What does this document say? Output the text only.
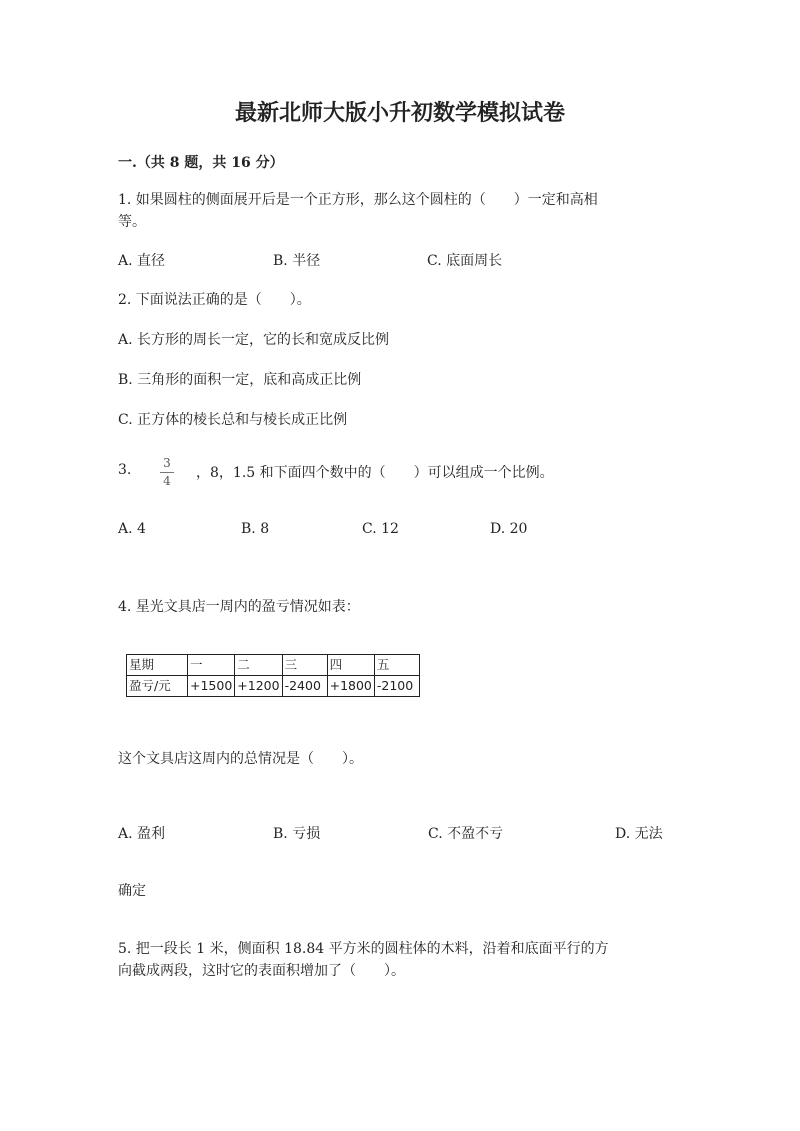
最新北师大版小升初数学模拟试卷
一.（共 8 题，共 16 分）
1. 如果圆柱的侧面展开后是一个正方形，那么这个圆柱的（　　）一定和高相
等。
A. 直径	B. 半径	C. 底面周长
2. 下面说法正确的是（　　）。
A. 长方形的周长一定，它的长和宽成反比例
B. 三角形的面积一定，底和高成正比例
C. 正方体的棱长总和与棱长成正比例
3.	3
4 ，8，1.5 和下面四个数中的（　　）可以组成一个比例。
A. 4	B. 8	C. 12	D. 20
4. 星光文具店一周内的盈亏情况如表：
星期	一	二	三	四	五
盈亏/元	+1500	+1200	-2400	+1800	-2100
这个文具店这周内的总情况是（　　）。
A. 盈利	B. 亏损	C. 不盈不亏	D. 无法
确定
5. 把一段长 1 米，侧面积 18.84 平方米的圆柱体的木料，沿着和底面平行的方
向截成两段，这时它的表面积增加了（　　）。
